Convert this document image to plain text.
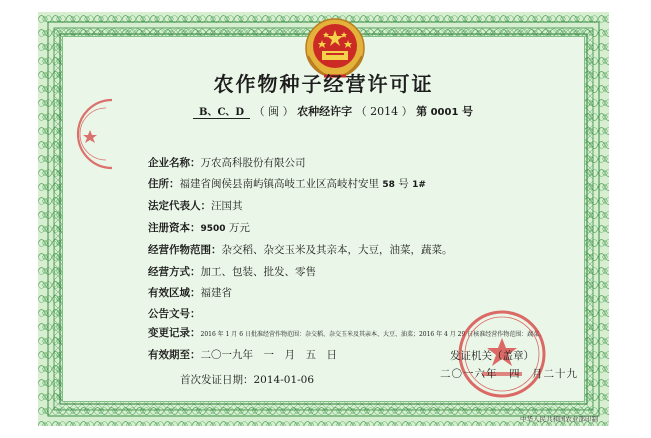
农作物种子经营许可证
B、C、D （ 闽 ） 农种经许字 （ 2014 ） 第 0001 号
企业名称：万农高科股份有限公司
住所：福建省闽侯县南屿镇高岐工业区高岐村安里 58 号 1#
法定代表人：汪国其
注册资本：9500 万元
经营作物范围：杂交稻、杂交玉米及其亲本，大豆，油菜，蔬菜。
经营方式：加工、包装、批发、零售
有效区域：福建省
公告文号：
变更记录：2016 年 1 月 6 日批准经营作物范围：杂交稻、杂交玉米及其亲本、大豆、油菜；2016 年 4 月 29 日核准经营作物范围：蔬菜。
有效期至：二〇一九年　一　月　五　日
首次发证日期：2014-01-06
发证机关（盖章）
二〇一六年　四　月二十九
中华人民共和国农业部印制
